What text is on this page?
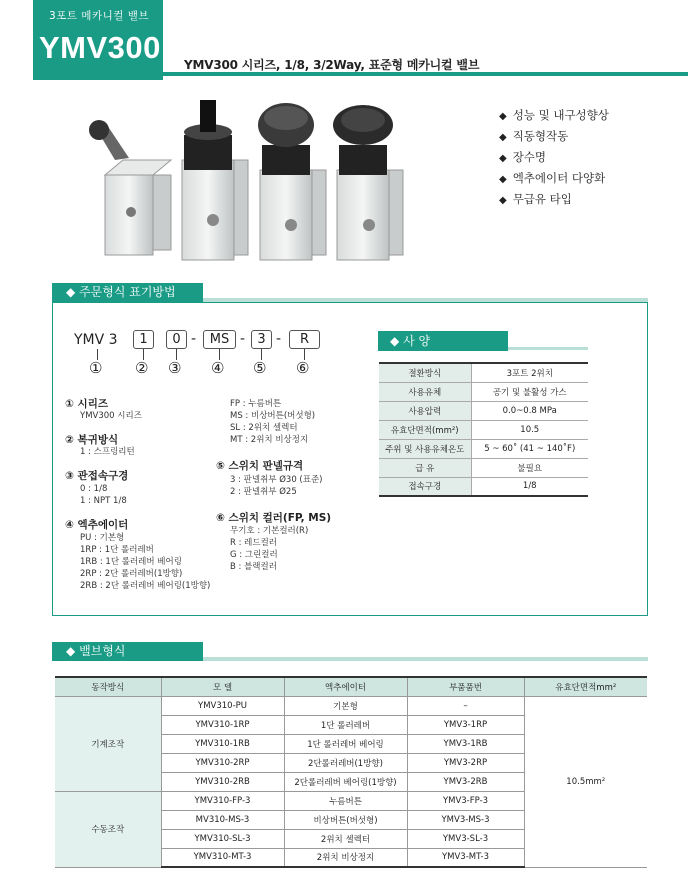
3포트 메카니컬 밸브
YMV300 YMV300 시리즈, 1/8, 3/2Way, 표준형 메카니컬 밸브
◆ 성능 및 내구성향상
◆ 직동형작동
◆ 장수명
◆ 엑추에이터 다양화
◆ 무급유 타입
◆ 주문형식 표기방법
YMV 3	1	0 -	MS - 3 -	R
① ② ③ ④ ⑤ ⑥
① 시리즈
YMV300 시리즈
② 복귀방식
1 : 스프링리턴
③ 관접속구경
0 : 1/8
1 : NPT 1/8
④ 엑추에이터
PU : 기본형
1RP : 1단 롤러레버
1RB : 1단 롤러레버 베어링
2RP : 2단 롤러레버(1방향)
2RB : 2단 롤러레버 베어링(1방향)
FP : 누름버튼
MS : 비상버튼(버섯형)
SL : 2위치 셀렉터
MT : 2위치 비상정지
⑤ 스위치 판넬규격
3 : 판넬취부 Ø30 (표준)
2 : 판넬취부 Ø25
⑥ 스위치 컬러(FP, MS)
무기호 : 기본컬러(R)
R : 레드컬러
G : 그린컬러
B : 블랙컬러
◆ 사 양
절환방식	3포트 2위치
사용유체	공기 및 불활성 가스
사용압력	0.0~0.8 MPa
유효단면적(mm²)	10.5
주위 및 사용유체온도	5 ~ 60˚ (41 ~ 140˚F)
급 유	불필요
접속구경	1/8
◆ 밸브형식
동작방식	모 델	엑추에이터	부품품번	유효단면적mm²
기계조작	YMV310-PU	기본형	–	10.5mm²
	YMV310-1RP	1단 롤러레버	YMV3-1RP	
	YMV310-1RB	1단 롤러레버 베어링	YMV3-1RB	
	YMV310-2RP	2단롤러레버(1방향)	YMV3-2RP	
	YMV310-2RB	2단롤러레버 베어링(1방향)	YMV3-2RB	
수동조작	YMV310-FP-3	누름버튼	YMV3-FP-3	
	MV310-MS-3	비상버튼(버섯형)	YMV3-MS-3	
	YMV310-SL-3	2위치 셀렉터	YMV3-SL-3	
	YMV310-MT-3	2위치 비상정지	YMV3-MT-3	
